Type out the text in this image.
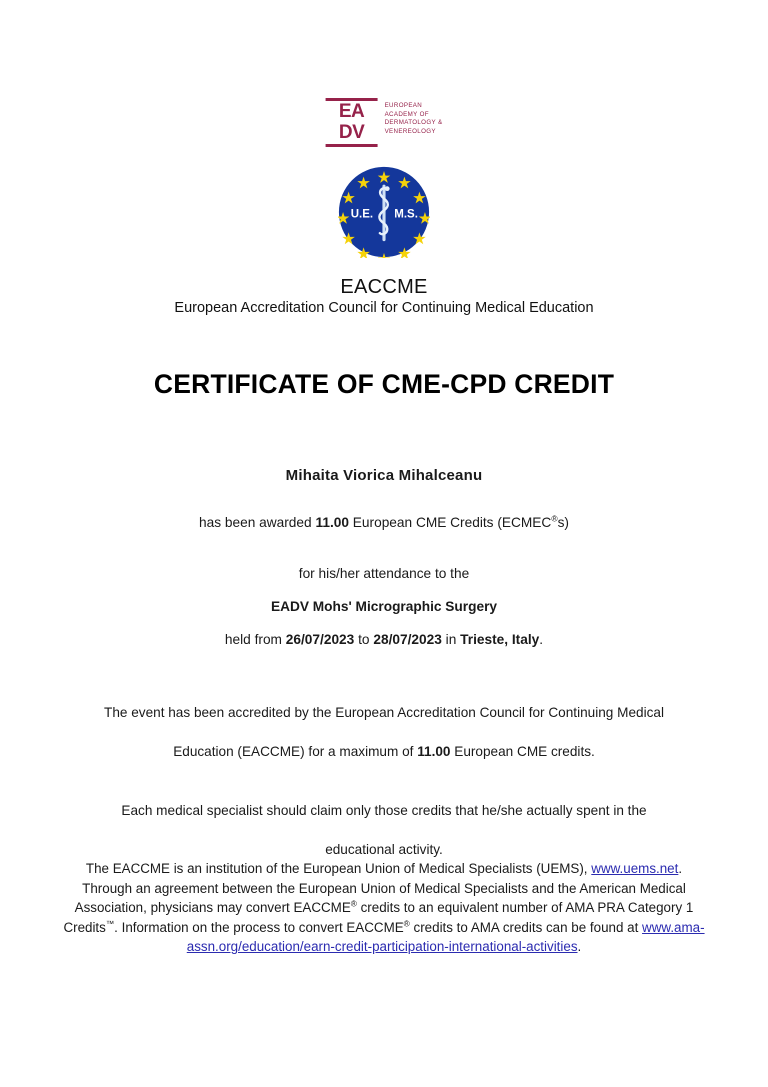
EA
DV
EUROPEAN
ACADEMY OF
DERMATOLOGY &
VENEREOLOGY
U.E. M.S.
EACCME
European Accreditation Council for Continuing Medical Education
CERTIFICATE OF CME-CPD CREDIT
Mihaita Viorica Mihalceanu
has been awarded 11.00 European CME Credits (ECMEC®s)
for his/her attendance to the
EADV Mohs' Micrographic Surgery
held from 26/07/2023 to 28/07/2023 in Trieste, Italy.
The event has been accredited by the European Accreditation Council for Continuing Medical
Education (EACCME) for a maximum of 11.00 European CME credits.
Each medical specialist should claim only those credits that he/she actually spent in the
educational activity.
The EACCME is an institution of the European Union of Medical Specialists (UEMS), www.uems.net. Through an agreement between the European Union of Medical Specialists and the American Medical Association, physicians may convert EACCME® credits to an equivalent number of AMA PRA Category 1 Credits™. Information on the process to convert EACCME® credits to AMA credits can be found at www.ama-assn.org/education/earn-credit-participation-international-activities.
